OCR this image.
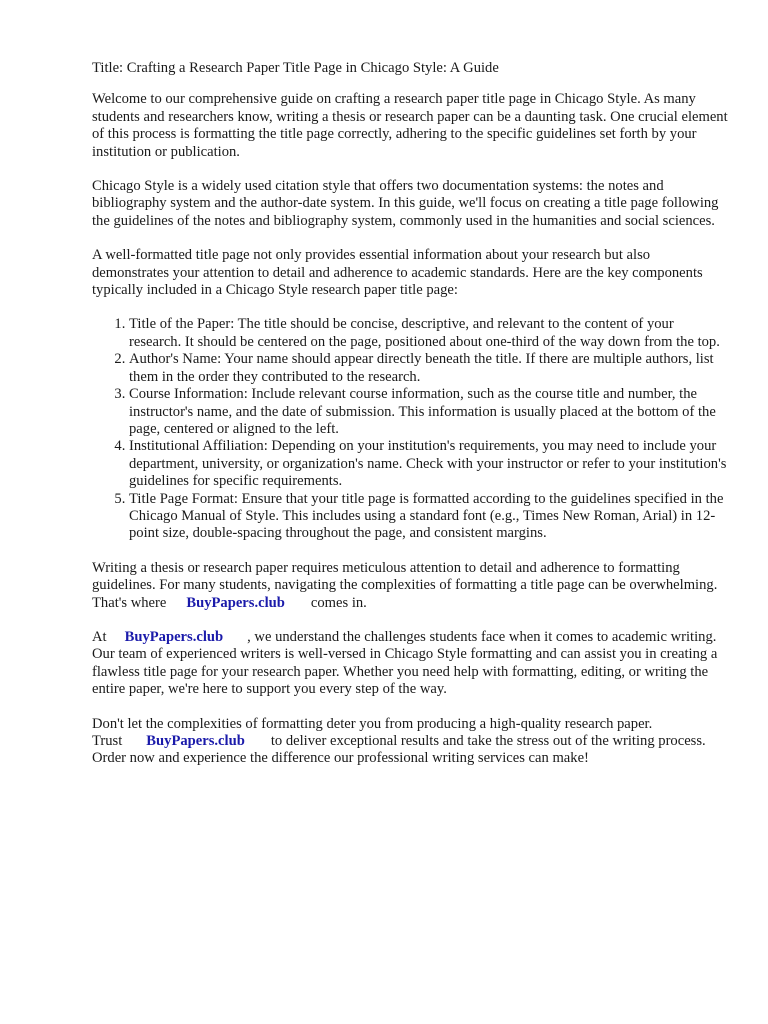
Title: Crafting a Research Paper Title Page in Chicago Style: A Guide

Welcome to our comprehensive guide on crafting a research paper title page in Chicago Style. As many students and researchers know, writing a thesis or research paper can be a daunting task. One crucial element of this process is formatting the title page correctly, adhering to the specific guidelines set forth by your institution or publication.

Chicago Style is a widely used citation style that offers two documentation systems: the notes and bibliography system and the author-date system. In this guide, we'll focus on creating a title page following the guidelines of the notes and bibliography system, commonly used in the humanities and social sciences.

A well-formatted title page not only provides essential information about your research but also demonstrates your attention to detail and adherence to academic standards. Here are the key components typically included in a Chicago Style research paper title page:

1. Title of the Paper: The title should be concise, descriptive, and relevant to the content of your research. It should be centered on the page, positioned about one-third of the way down from the top.
2. Author's Name: Your name should appear directly beneath the title. If there are multiple authors, list them in the order they contributed to the research.
3. Course Information: Include relevant course information, such as the course title and number, the instructor's name, and the date of submission. This information is usually placed at the bottom of the page, centered or aligned to the left.
4. Institutional Affiliation: Depending on your institution's requirements, you may need to include your department, university, or organization's name. Check with your instructor or refer to your institution's guidelines for specific requirements.
5. Title Page Format: Ensure that your title page is formatted according to the guidelines specified in the Chicago Manual of Style. This includes using a standard font (e.g., Times New Roman, Arial) in 12-point size, double-spacing throughout the page, and consistent margins.

Writing a thesis or research paper requires meticulous attention to detail and adherence to formatting guidelines. For many students, navigating the complexities of formatting a title page can be overwhelming. That's where BuyPapers.club comes in.

At BuyPapers.club , we understand the challenges students face when it comes to academic writing. Our team of experienced writers is well-versed in Chicago Style formatting and can assist you in creating a flawless title page for your research paper. Whether you need help with formatting, editing, or writing the entire paper, we're here to support you every step of the way.

Don't let the complexities of formatting deter you from producing a high-quality research paper. Trust BuyPapers.club to deliver exceptional results and take the stress out of the writing process. Order now and experience the difference our professional writing services can make!
